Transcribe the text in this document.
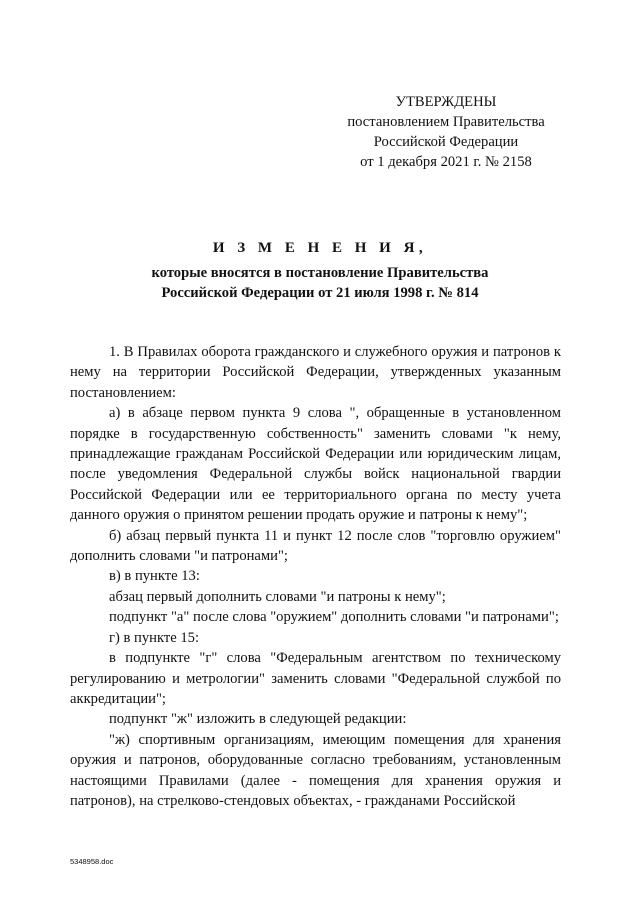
УТВЕРЖДЕНЫ
постановлением Правительства
Российской Федерации
от 1 декабря 2021 г. № 2158
И З М Е Н Е Н И Я,
которые вносятся в постановление Правительства
Российской Федерации от 21 июля 1998 г. № 814

1. В Правилах оборота гражданского и служебного оружия и патронов к нему на территории Российской Федерации, утвержденных указанным постановлением:

а) в абзаце первом пункта 9 слова ", обращенные в установленном порядке в государственную собственность" заменить словами "к нему, принадлежащие гражданам Российской Федерации или юридическим лицам, после уведомления Федеральной службы войск национальной гвардии Российской Федерации или ее территориального органа по месту учета данного оружия о принятом решении продать оружие и патроны к нему";

б) абзац первый пункта 11 и пункт 12 после слов "торговлю оружием" дополнить словами "и патронами";

в) в пункте 13:

абзац первый дополнить словами "и патроны к нему";

подпункт "а" после слова "оружием" дополнить словами "и патронами";

г) в пункте 15:

в подпункте "г" слова "Федеральным агентством по техническому регулированию и метрологии" заменить словами "Федеральной службой по аккредитации";

подпункт "ж" изложить в следующей редакции:

"ж) спортивным организациям, имеющим помещения для хранения оружия и патронов, оборудованные согласно требованиям, установленным настоящими Правилами (далее - помещения для хранения оружия и патронов), на стрелково-стендовых объектах, - гражданами Российской

5348958.doc
